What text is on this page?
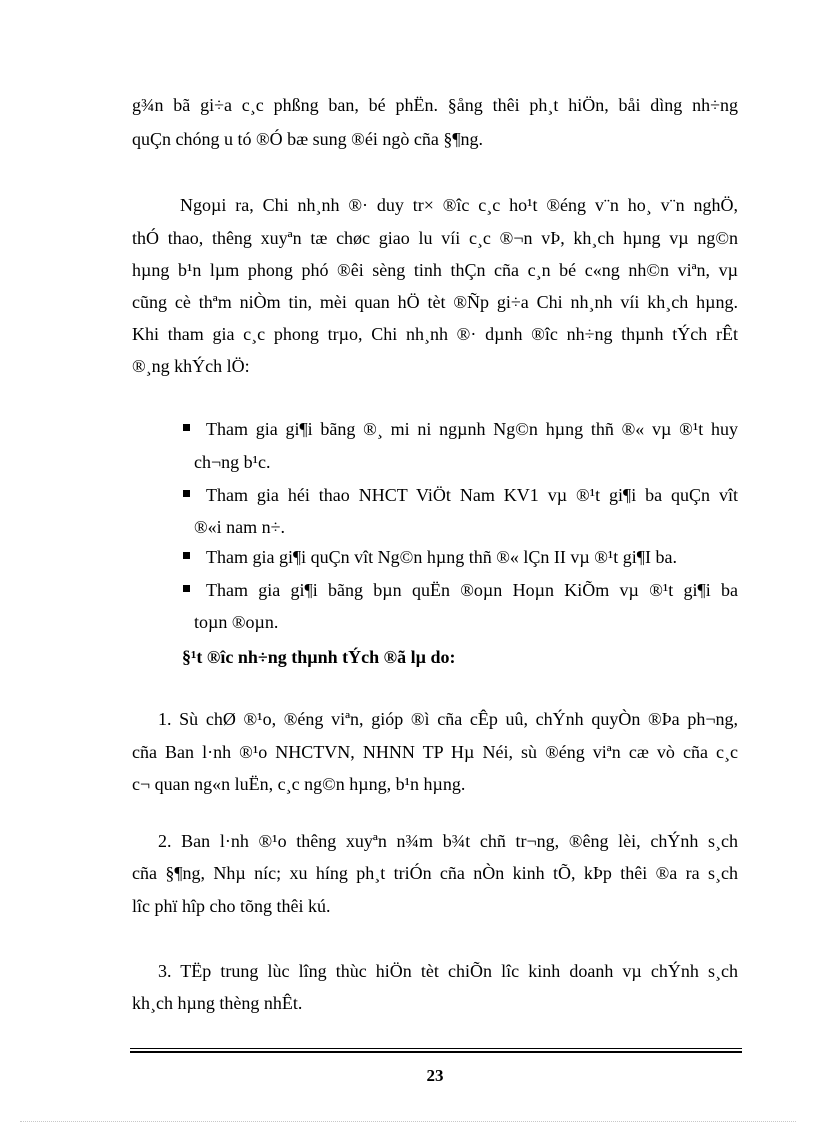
g¾n bã gi÷a c¸c phßng ban, bé phËn. §ång thêi ph¸t hiÖn, båi dìng nh÷ng
quÇn chóng u tó ®Ó bæ sung ®éi ngò cña §¶ng.
Ngoµi ra, Chi nh¸nh ®· duy tr× ®îc c¸c ho¹t ®éng v¨n ho¸ v¨n nghÖ,
thÓ thao, thêng xuyªn tæ chøc giao lu víi c¸c ®¬n vÞ, kh¸ch hµng vµ ng©n
hµng b¹n lµm phong phó ®êi sèng tinh thÇn cña c¸n bé c«ng nh©n viªn, vµ
cũng cè thªm niÒm tin, mèi quan hÖ tèt ®Ñp gi÷a Chi nh¸nh víi kh¸ch hµng.
Khi tham gia c¸c phong trµo, Chi nh¸nh ®· dµnh ®îc nh÷ng thµnh tÝch rÊt
®¸ng khÝch lÖ:
Tham gia gi¶i bãng ®¸ mi ni ngµnh Ng©n hµng thñ ®« vµ ®¹t huy
ch¬ng b¹c.
Tham gia héi thao NHCT ViÖt Nam KV1 vµ ®¹t gi¶i ba quÇn vît
®«i nam n÷.
Tham gia gi¶i quÇn vît Ng©n hµng thñ ®« lÇn II vµ ®¹t gi¶I ba.
Tham gia gi¶i bãng bµn quËn ®oµn Hoµn KiÕm vµ ®¹t gi¶i ba
toµn ®oµn.
§¹t ®îc nh÷ng thµnh tÝch ®ã lµ do:
1. Sù chØ ®¹o, ®éng viªn, gióp ®ì cña cÊp uû, chÝnh quyÒn ®Þa ph¬ng,
cña Ban l·nh ®¹o NHCTVN, NHNN TP Hµ Néi, sù ®éng viªn cæ vò cña c¸c
c¬ quan ng«n luËn, c¸c ng©n hµng, b¹n hµng.
2. Ban l·nh ®¹o thêng xuyªn n¾m b¾t chñ tr¬ng, ®êng lèi, chÝnh s¸ch
cña §¶ng, Nhµ níc; xu híng ph¸t triÓn cña nÒn kinh tÕ, kÞp thêi ®a ra s¸ch
lîc phï hîp cho tõng thêi kú.
3. TËp trung lùc lîng thùc hiÖn tèt chiÕn lîc kinh doanh vµ chÝnh s¸ch
kh¸ch hµng thèng nhÊt.
23
